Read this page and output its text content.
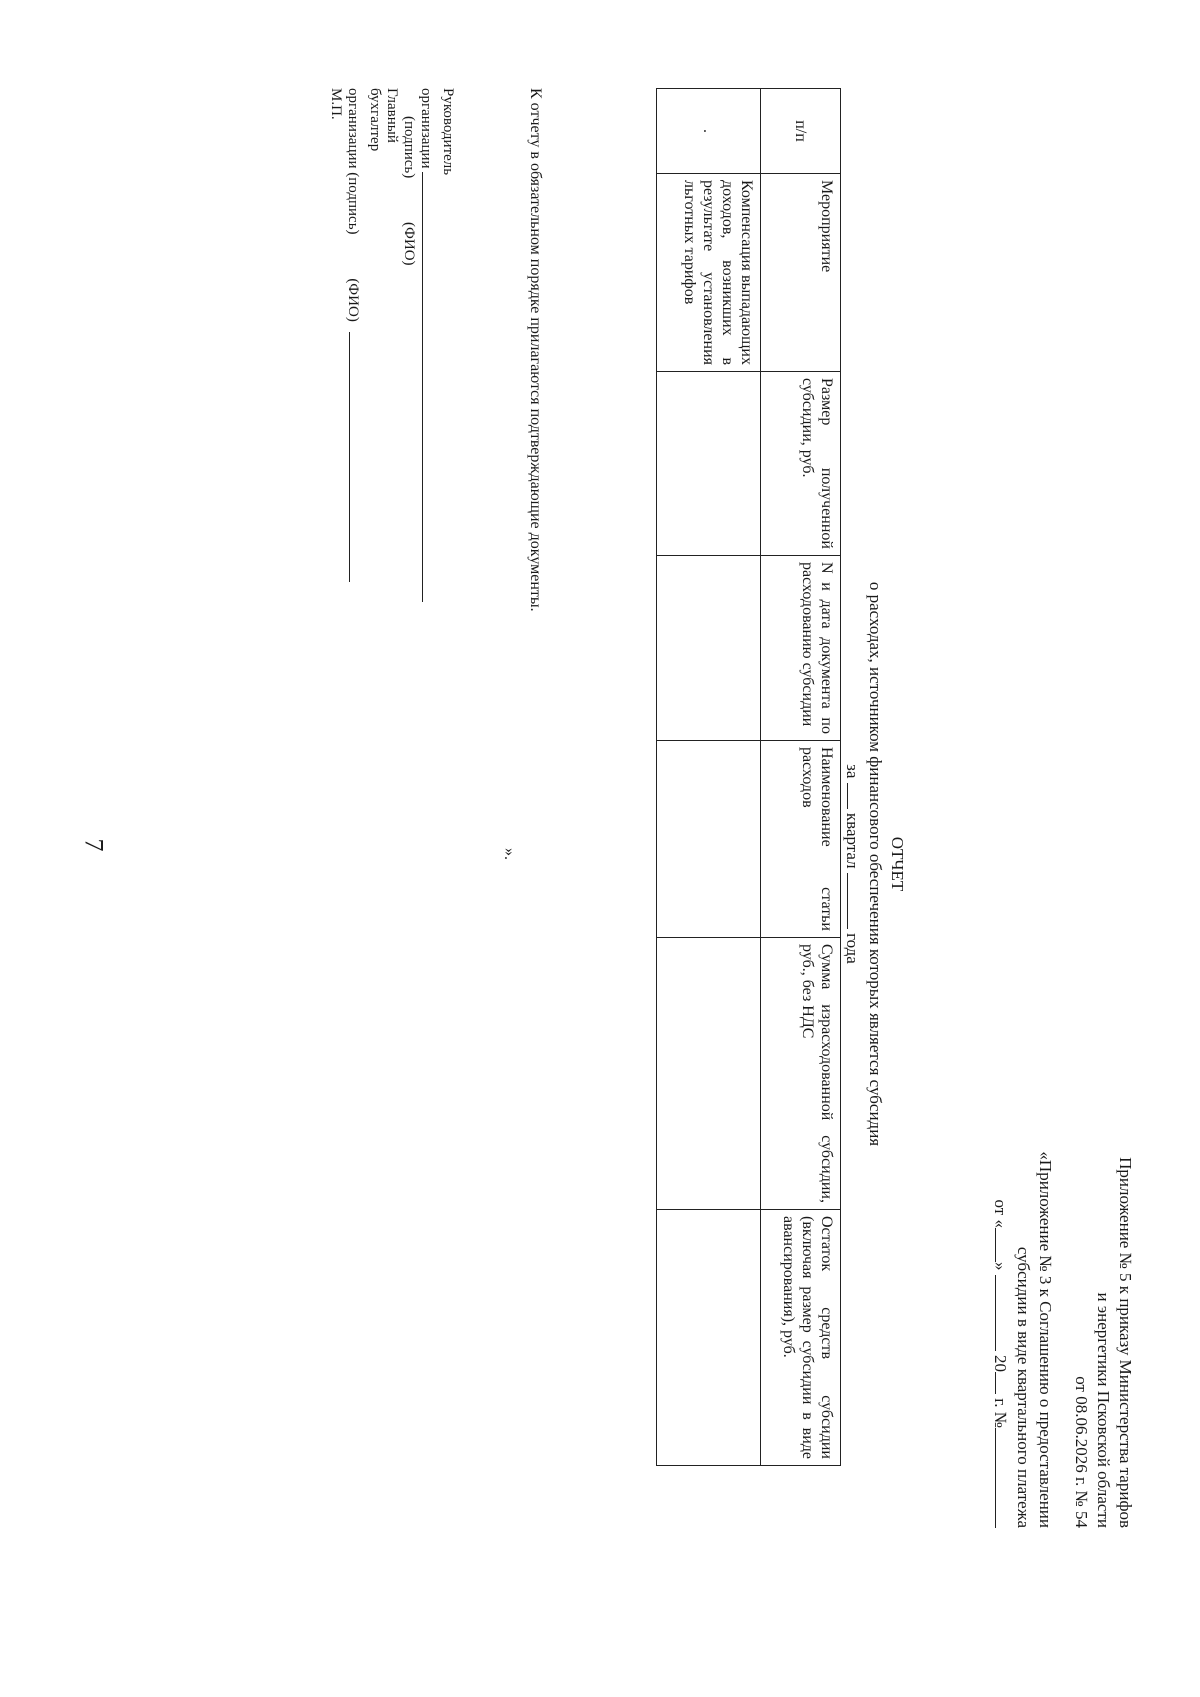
7
Приложение № 5 к приказу Министерства тарифов
и энергетики Псковской области
от 08.06.2026 г. № 54
«Приложение № 3 к Соглашению о предоставлении
субсидии в виде квартального платежа
от «»  20 г. №
ОТЧЕТ
о расходах, источником финансового обеспечения которых является субсидия
за  квартал  года
п/п	Мероприятие	Размер полученной субсидии, руб.	N и дата документа по расходованию субсидии	Наименование статьи расходов	Сумма израсходованной субсидии, руб., без НДС	Остаток средств субсидии (включая размер субсидии в виде авансирования), руб.
.	Компенсация выпадающих доходов, возникших в результате установления льготных тарифов					
К отчету в обязательном порядке прилагаются подтверждающие документы.
».
Руководитель
организации
(подпись) (ФИО)
Главный
бухгалтер
организации (подпись) (ФИО)
М.П.
